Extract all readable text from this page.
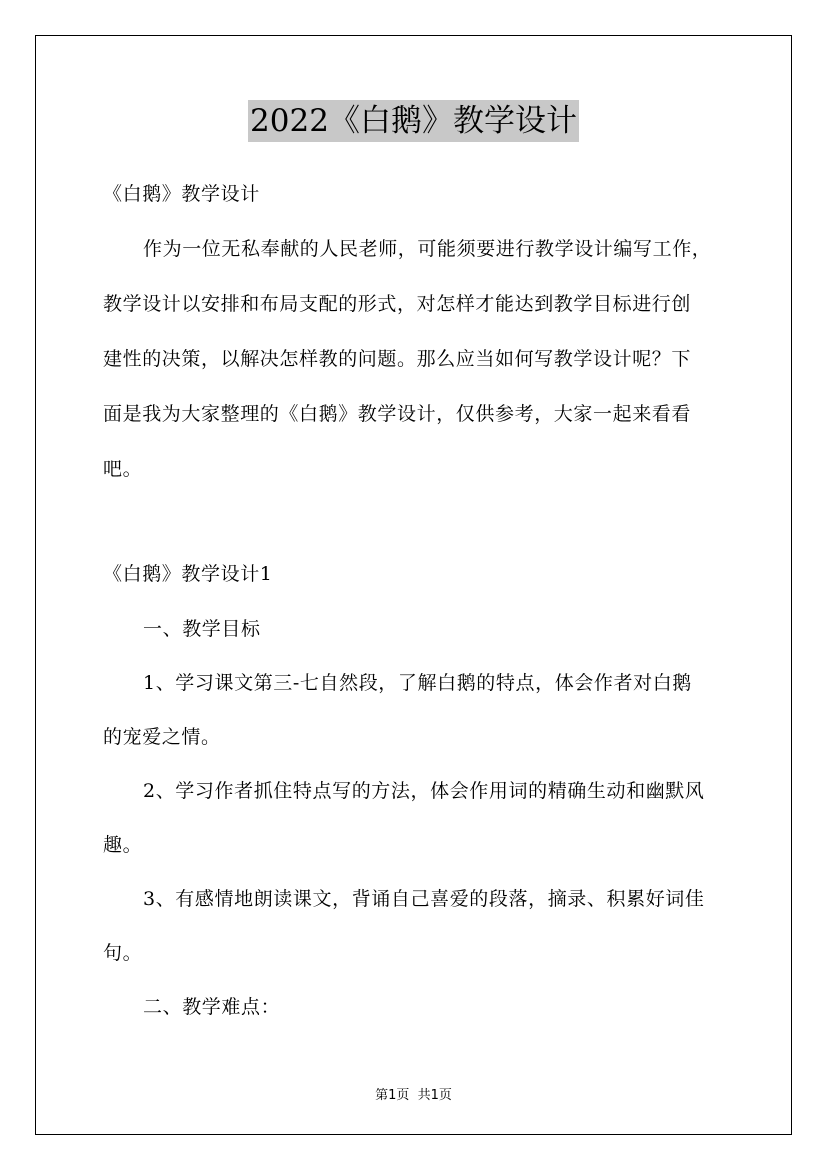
2022《白鹅》教学设计
《白鹅》教学设计
作为一位无私奉献的人民老师，可能须要进行教学设计编写工作，
教学设计以安排和布局支配的形式，对怎样才能达到教学目标进行创
建性的决策，以解决怎样教的问题。那么应当如何写教学设计呢？下
面是我为大家整理的《白鹅》教学设计，仅供参考，大家一起来看看
吧。
《白鹅》教学设计1
一、教学目标
1、学习课文第三-七自然段，了解白鹅的特点，体会作者对白鹅
的宠爱之情。
2、学习作者抓住特点写的方法，体会作用词的精确生动和幽默风
趣。
3、有感情地朗读课文，背诵自己喜爱的段落，摘录、积累好词佳
句。
二、教学难点：
第1页  共1页
